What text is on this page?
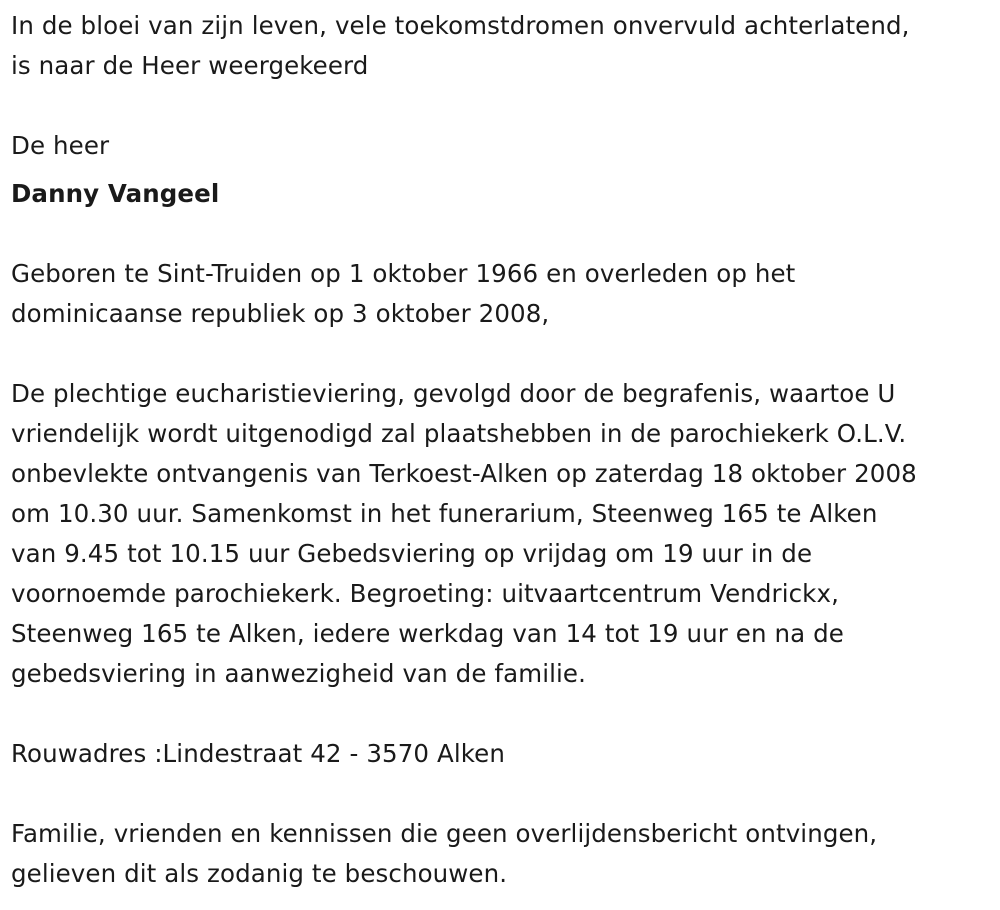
In de bloei van zijn leven, vele toekomstdromen onvervuld achterlatend,

is naar de Heer weergekeerd

De heer

Danny Vangeel

Geboren te Sint-Truiden op 1 oktober 1966 en overleden op het

dominicaanse republiek op 3 oktober 2008,

De plechtige eucharistieviering, gevolgd door de begrafenis, waartoe U

vriendelijk wordt uitgenodigd zal plaatshebben in de parochiekerk O.L.V.

onbevlekte ontvangenis van Terkoest-Alken op zaterdag 18 oktober 2008

om 10.30 uur. Samenkomst in het funerarium, Steenweg 165 te Alken

van 9.45 tot 10.15 uur Gebedsviering op vrijdag om 19 uur in de

voornoemde parochiekerk. Begroeting: uitvaartcentrum Vendrickx,

Steenweg 165 te Alken, iedere werkdag van 14 tot 19 uur en na de

gebedsviering in aanwezigheid van de familie.

Rouwadres :Lindestraat 42 - 3570 Alken

Familie, vrienden en kennissen die geen overlijdensbericht ontvingen,

gelieven dit als zodanig te beschouwen.
